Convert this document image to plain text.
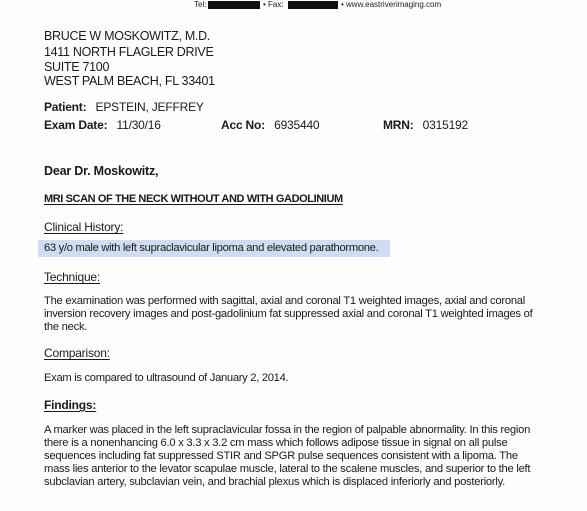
Tel:	• Fax:	• www.eastriverimaging.com
BRUCE W MOSKOWITZ, M.D.
1411 NORTH FLAGLER DRIVE
SUITE 7100
WEST PALM BEACH, FL 33401
Patient: EPSTEIN, JEFFREY
Exam Date: 11/30/16	Acc No: 6935440	MRN: 0315192
Dear Dr. Moskowitz,
MRI SCAN OF THE NECK WITHOUT AND WITH GADOLINIUM
Clinical History:
63 y/o male with left supraclavicular lipoma and elevated parathormone.
Technique:
The examination was performed with sagittal, axial and coronal T1 weighted images, axial and coronal inversion recovery images and post-gadolinium fat suppressed axial and coronal T1 weighted images of the neck.
Comparison:
Exam is compared to ultrasound of January 2, 2014.
Findings:
A marker was placed in the left supraclavicular fossa in the region of palpable abnormality. In this region there is a nonenhancing 6.0 x 3.3 x 3.2 cm mass which follows adipose tissue in signal on all pulse sequences including fat suppressed STIR and SPGR pulse sequences consistent with a lipoma. The mass lies anterior to the levator scapulae muscle, lateral to the scalene muscles, and superior to the left subclavian artery, subclavian vein, and brachial plexus which is displaced inferiorly and posteriorly.
